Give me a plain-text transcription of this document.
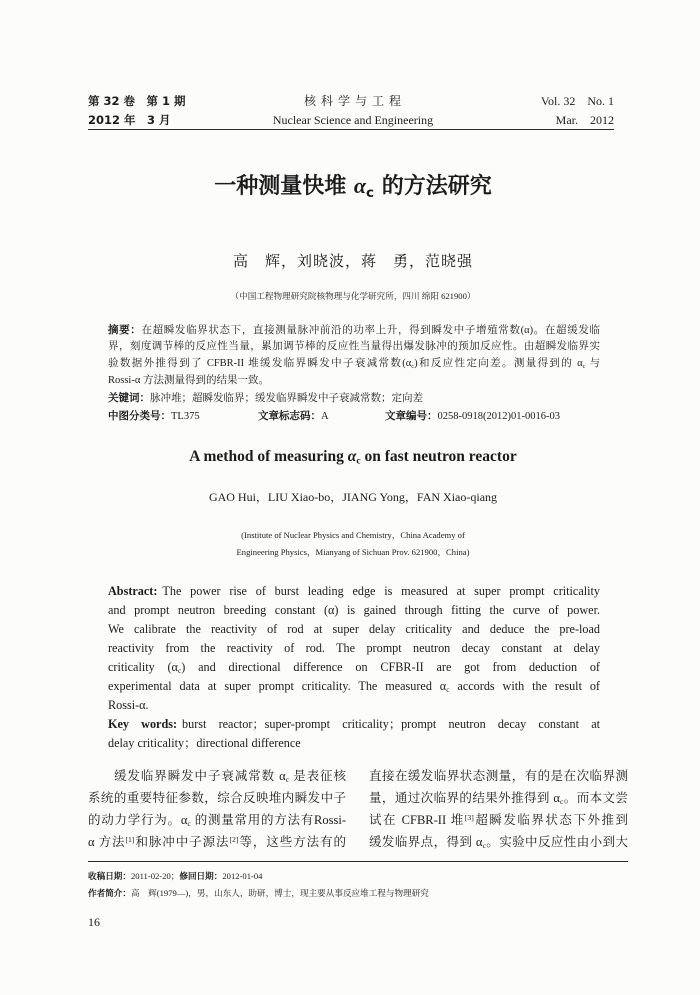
第 32 卷　第 1 期
2012 年　3 月
核 科 学 与 工 程
Nuclear Science and Engineering
Vol. 32　No. 1
Mar.　2012
一种测量快堆 $\alpha_c$ 的方法研究
高　辉，刘晓波，蒋　勇，范晓强
（中国工程物理研究院核物理与化学研究所，四川 绵阳 621900）
摘要：在超瞬发临界状态下，直接测量脉冲前沿的功率上升，得到瞬发中子增殖常数(α)。在超缓发临
界，刻度调节棒的反应性当量，累加调节棒的反应性当量得出爆发脉冲的预加反应性。由超瞬发临界实
验数据外推得到了 CFBR-II 堆缓发临界瞬发中子衰减常数$(\alpha_c)$和反应性定向差。测量得到的 $\alpha_c$ 与
Rossi-α 方法测量得到的结果一致。
关键词：脉冲堆；超瞬发临界；缓发临界瞬发中子衰减常数；定向差
中图分类号：TL375	文章标志码：A	文章编号：0258-0918(2012)01-0016-03
A method of measuring $\alpha_c$ on fast neutron reactor
GAO Hui，LIU Xiao-bo，JIANG Yong，FAN Xiao-qiang
(Institute of Nuclear Physics and Chemistry，China Academy of
Engineering Physics，Mianyang of Sichuan Prov. 621900，China)
Abstract: The power rise of burst leading edge is measured at super prompt criticality
and prompt neutron breeding constant (α) is gained through fitting the curve of power.
We calibrate the reactivity of rod at super delay criticality and deduce the pre-load
reactivity from the reactivity of rod. The prompt neutron decay constant at delay
criticality $(\alpha_c)$ and directional difference on CFBR-II are got from deduction of
experimental data at super prompt criticality. The measured $\alpha_c$ accords with the result of
Rossi-α.
Key words: burst reactor；super-prompt criticality；prompt neutron decay constant at
delay criticality；directional difference
缓发临界瞬发中子衰减常数 $\alpha_c$ 是表征核
系统的重要特征参数，综合反映堆内瞬发中子
的动力学行为。$\alpha_c$ 的测量常用的方法有Rossi-
α 方法[1]和脉冲中子源法[2]等，这些方法有的
直接在缓发临界状态测量，有的是在次临界测
量，通过次临界的结果外推得到 $\alpha_c$。而本文尝
试在 CFBR-II 堆[3]超瞬发临界状态下外推到
缓发临界点，得到 $\alpha_c$。实验中反应性由小到大
收稿日期：2011-02-20；修回日期：2012-01-04
作者简介：高　辉(1979—)，男，山东人，助研，博士，现主要从事反应堆工程与物理研究
16
